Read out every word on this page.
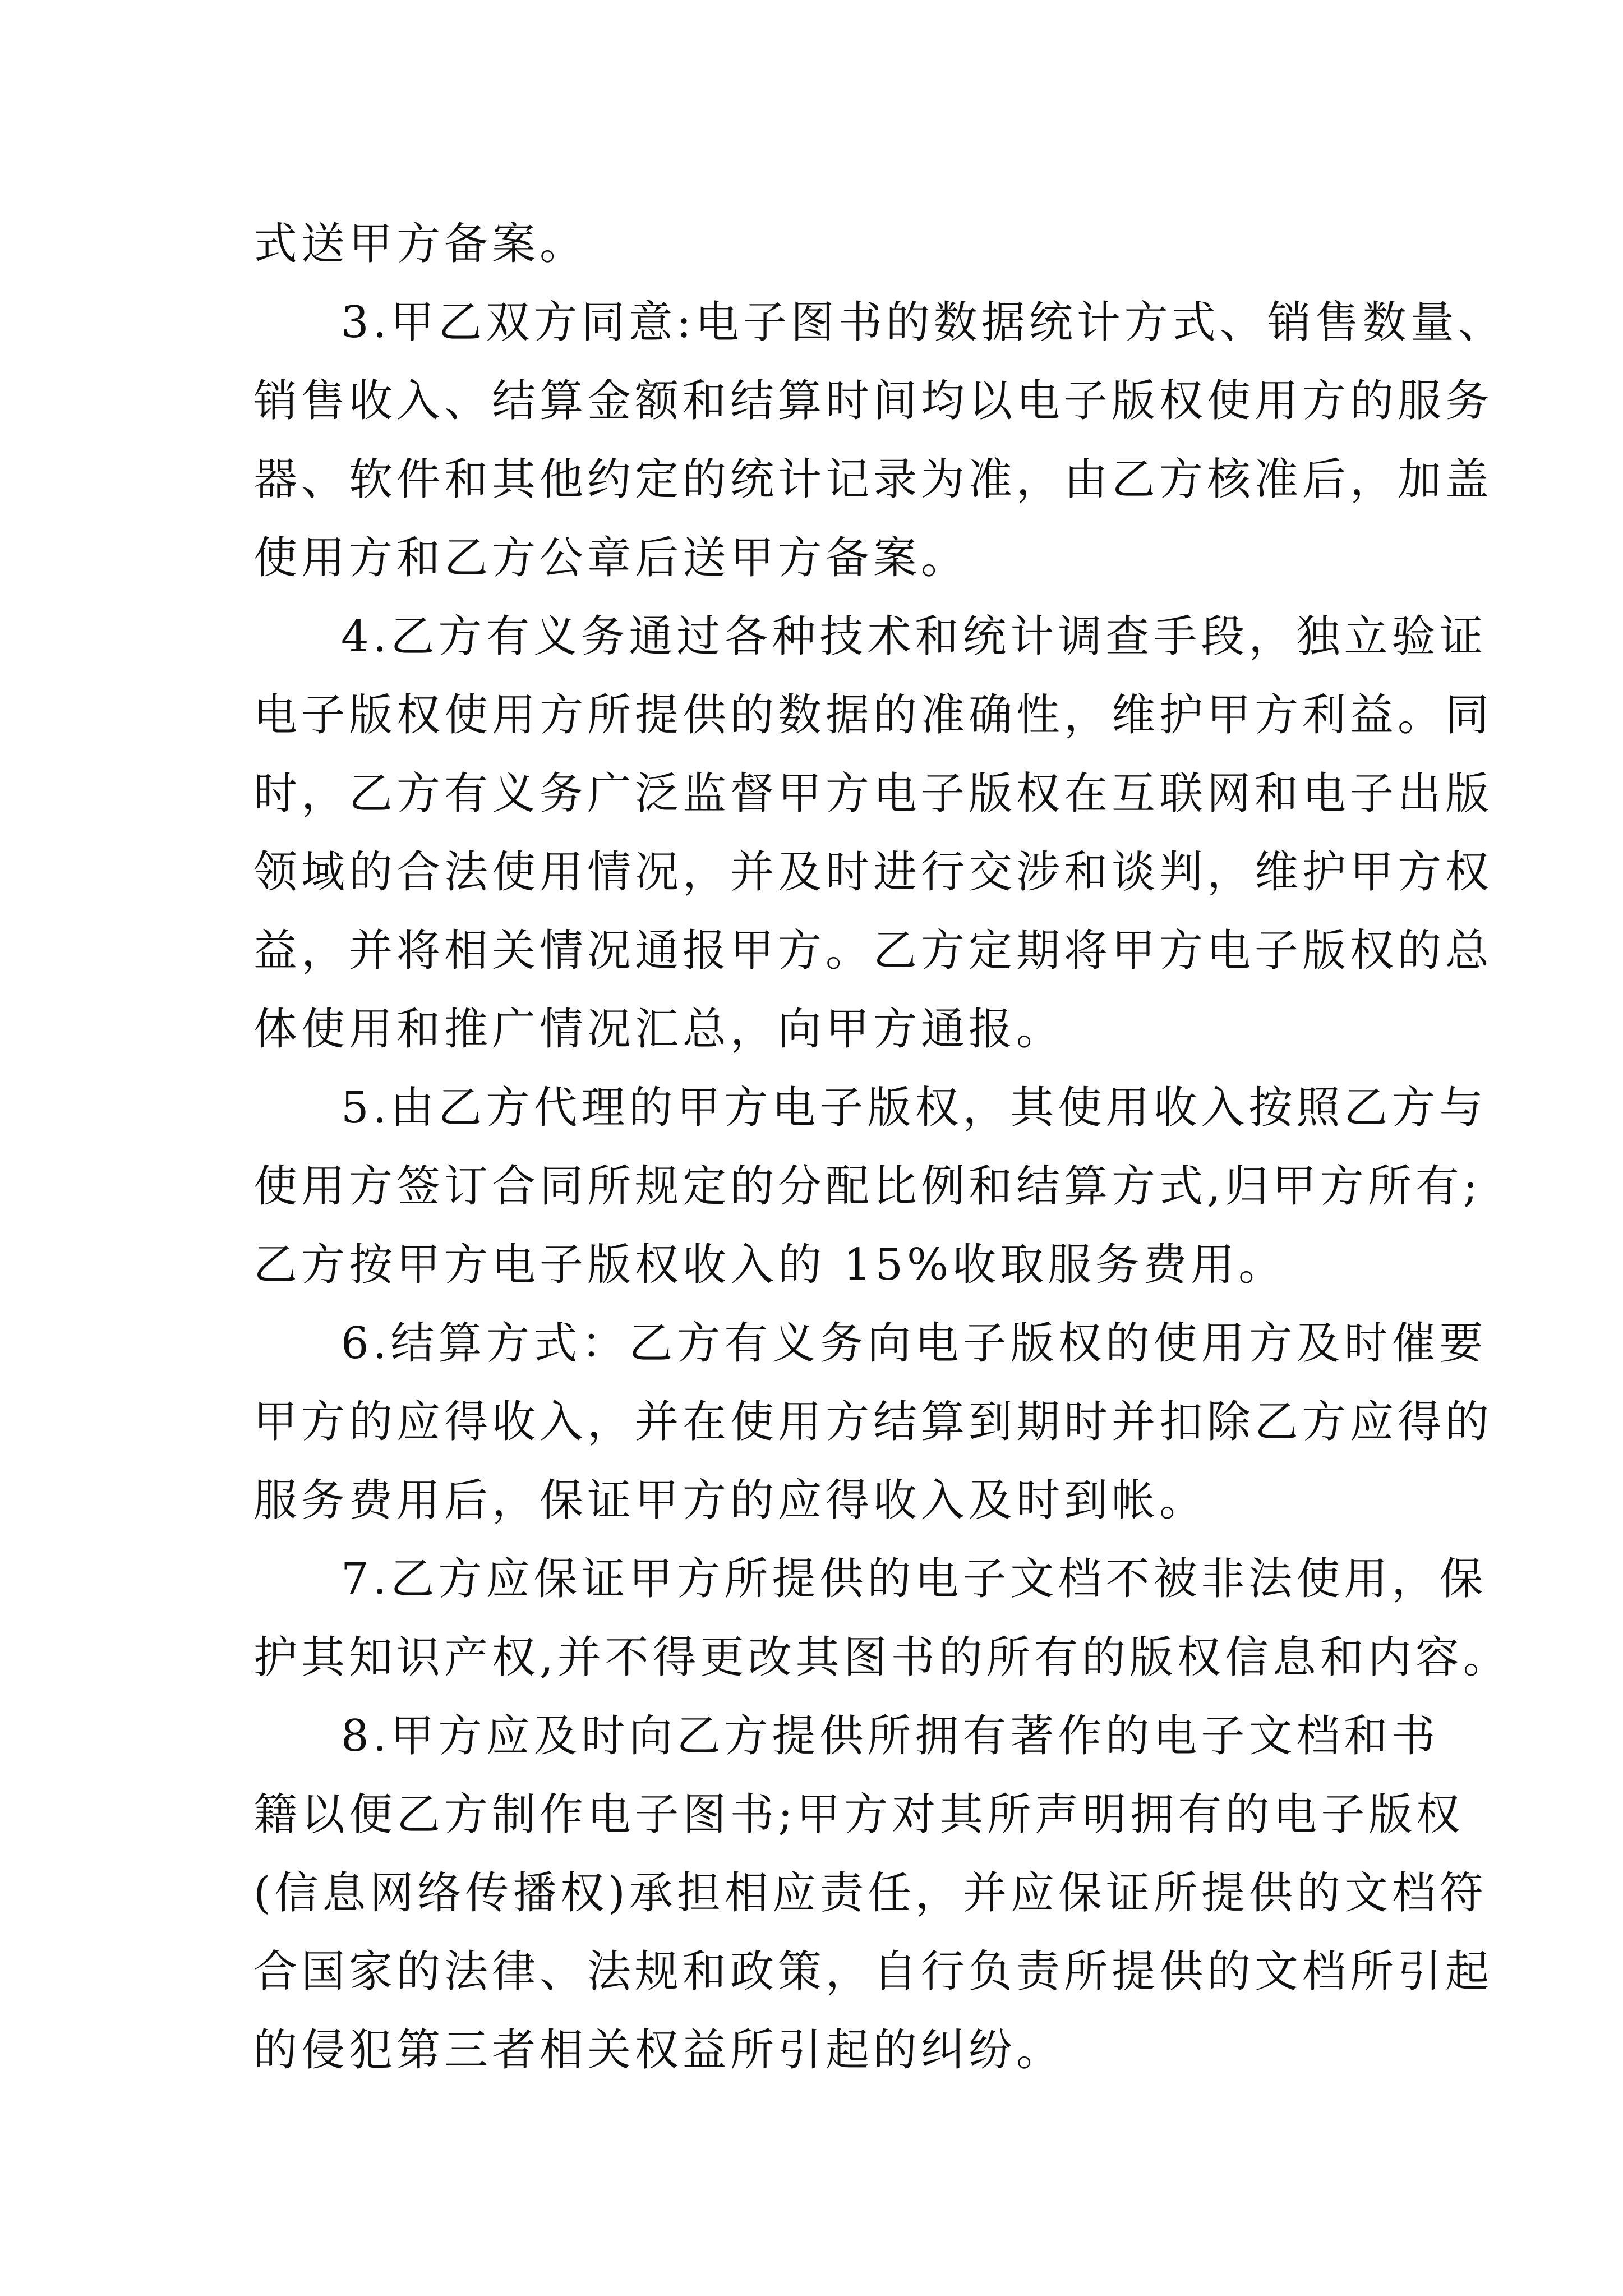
式送甲方备案。
3.甲乙双方同意:电子图书的数据统计方式、销售数量、
销售收入、结算金额和结算时间均以电子版权使用方的服务
器、软件和其他约定的统计记录为准，由乙方核准后，加盖
使用方和乙方公章后送甲方备案。
4.乙方有义务通过各种技术和统计调查手段，独立验证
电子版权使用方所提供的数据的准确性，维护甲方利益。同
时，乙方有义务广泛监督甲方电子版权在互联网和电子出版
领域的合法使用情况，并及时进行交涉和谈判，维护甲方权
益，并将相关情况通报甲方。乙方定期将甲方电子版权的总
体使用和推广情况汇总，向甲方通报。
5.由乙方代理的甲方电子版权，其使用收入按照乙方与
使用方签订合同所规定的分配比例和结算方式,归甲方所有;
乙方按甲方电子版权收入的 15%收取服务费用。
6.结算方式：乙方有义务向电子版权的使用方及时催要
甲方的应得收入，并在使用方结算到期时并扣除乙方应得的
服务费用后，保证甲方的应得收入及时到帐。
7.乙方应保证甲方所提供的电子文档不被非法使用，保
护其知识产权,并不得更改其图书的所有的版权信息和内容。
8.甲方应及时向乙方提供所拥有著作的电子文档和书
籍以便乙方制作电子图书;甲方对其所声明拥有的电子版权
(信息网络传播权)承担相应责任，并应保证所提供的文档符
合国家的法律、法规和政策，自行负责所提供的文档所引起
的侵犯第三者相关权益所引起的纠纷。
